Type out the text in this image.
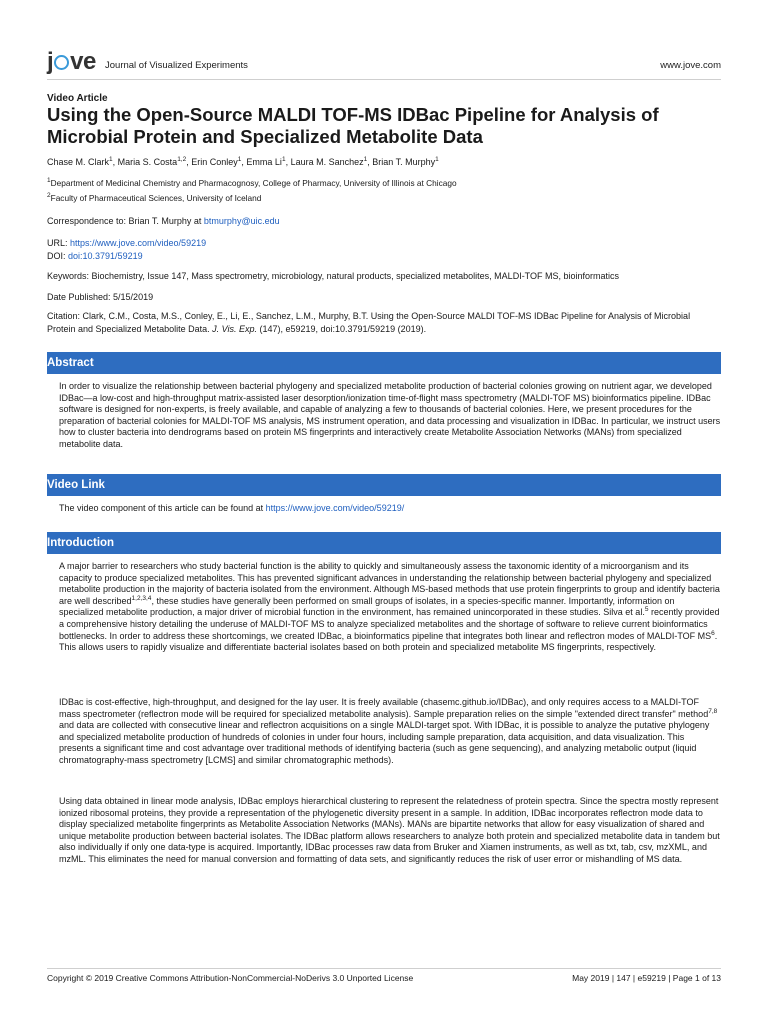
j ve Journal of Visualized Experiments	www.jove.com
Video Article
Using the Open-Source MALDI TOF-MS IDBac Pipeline for Analysis of Microbial Protein and Specialized Metabolite Data
Chase M. Clark$^1$, Maria S. Costa$^{1,2}$, Erin Conley$^1$, Emma Li$^1$, Laura M. Sanchez$^1$, Brian T. Murphy$^1$
$^1$Department of Medicinal Chemistry and Pharmacognosy, College of Pharmacy, University of Illinois at Chicago
$^2$Faculty of Pharmaceutical Sciences, University of Iceland
Correspondence to: Brian T. Murphy at btmurphy@uic.edu
URL: https://www.jove.com/video/59219
DOI: doi:10.3791/59219
Keywords: Biochemistry, Issue 147, Mass spectrometry, microbiology, natural products, specialized metabolites, MALDI-TOF MS, bioinformatics
Date Published: 5/15/2019
Citation: Clark, C.M., Costa, M.S., Conley, E., Li, E., Sanchez, L.M., Murphy, B.T. Using the Open-Source MALDI TOF-MS IDBac Pipeline for Analysis of Microbial Protein and Specialized Metabolite Data. J. Vis. Exp. (147), e59219, doi:10.3791/59219 (2019).
Abstract
In order to visualize the relationship between bacterial phylogeny and specialized metabolite production of bacterial colonies growing on nutrient agar, we developed IDBac—a low-cost and high-throughput matrix-assisted laser desorption/ionization time-of-flight mass spectrometry (MALDI-TOF MS) bioinformatics pipeline. IDBac software is designed for non-experts, is freely available, and capable of analyzing a few to thousands of bacterial colonies. Here, we present procedures for the preparation of bacterial colonies for MALDI-TOF MS analysis, MS instrument operation, and data processing and visualization in IDBac. In particular, we instruct users how to cluster bacteria into dendrograms based on protein MS fingerprints and interactively create Metabolite Association Networks (MANs) from specialized metabolite data.
Video Link
The video component of this article can be found at https://www.jove.com/video/59219/
Introduction
A major barrier to researchers who study bacterial function is the ability to quickly and simultaneously assess the taxonomic identity of a microorganism and its capacity to produce specialized metabolites. This has prevented significant advances in understanding the relationship between bacterial phylogeny and specialized metabolite production in the majority of bacteria isolated from the environment. Although MS-based methods that use protein fingerprints to group and identify bacteria are well described$^{1,2,3,4}$, these studies have generally been performed on small groups of isolates, in a species-specific manner. Importantly, information on specialized metabolite production, a major driver of microbial function in the environment, has remained unincorporated in these studies. Silva et al.$^5$ recently provided a comprehensive history detailing the underuse of MALDI-TOF MS to analyze specialized metabolites and the shortage of software to relieve current bioinformatics bottlenecks. In order to address these shortcomings, we created IDBac, a bioinformatics pipeline that integrates both linear and reflectron modes of MALDI-TOF $MS^6$. This allows users to rapidly visualize and differentiate bacterial isolates based on both protein and specialized metabolite MS fingerprints, respectively.
IDBac is cost-effective, high-throughput, and designed for the lay user. It is freely available (chasemc.github.io/IDBac), and only requires access to a MALDI-TOF mass spectrometer (reflectron mode will be required for specialized metabolite analysis). Sample preparation relies on the simple "extended direct transfer" method$^{7,8}$ and data are collected with consecutive linear and reflectron acquisitions on a single MALDI-target spot. With IDBac, it is possible to analyze the putative phylogeny and specialized metabolite production of hundreds of colonies in under four hours, including sample preparation, data acquisition, and data visualization. This presents a significant time and cost advantage over traditional methods of identifying bacteria (such as gene sequencing), and analyzing metabolic output (liquid chromatography-mass spectrometry [LCMS] and similar chromatographic methods).
Using data obtained in linear mode analysis, IDBac employs hierarchical clustering to represent the relatedness of protein spectra. Since the spectra mostly represent ionized ribosomal proteins, they provide a representation of the phylogenetic diversity present in a sample. In addition, IDBac incorporates reflectron mode data to display specialized metabolite fingerprints as Metabolite Association Networks (MANs). MANs are bipartite networks that allow for easy visualization of shared and unique metabolite production between bacterial isolates. The IDBac platform allows researchers to analyze both protein and specialized metabolite data in tandem but also individually if only one data-type is acquired. Importantly, IDBac processes raw data from Bruker and Xiamen instruments, as well as txt, tab, csv, mzXML, and mzML. This eliminates the need for manual conversion and formatting of data sets, and significantly reduces the risk of user error or mishandling of MS data.
Copyright © 2019 Creative Commons Attribution-NonCommercial-NoDerivs 3.0 Unported License	May 2019 | 147 | e59219 | Page 1 of 13
